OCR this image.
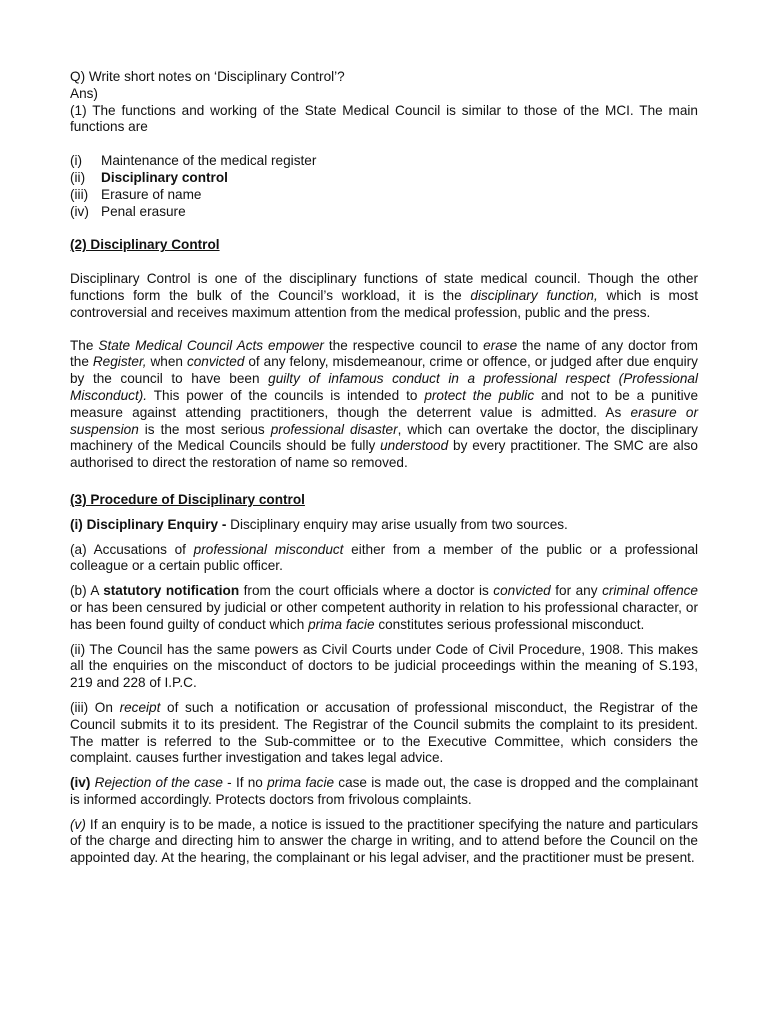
Q) Write short notes on ‘Disciplinary Control’?

Ans)

(1) The functions and working of the State Medical Council is similar to those of the MCI. The main functions are

(i)	Maintenance of the medical register
(ii)	Disciplinary control
(iii) Erasure of name
(iv) Penal erasure

(2) Disciplinary Control

Disciplinary Control is one of the disciplinary functions of state medical council. Though the other functions form the bulk of the Council’s workload, it is the disciplinary function, which is most controversial and receives maximum attention from the medical profession, public and the press.

The State Medical Council Acts empower the respective council to erase the name of any doctor from the Register, when convicted of any felony, misdemeanour, crime or offence, or judged after due enquiry by the council to have been guilty of infamous conduct in a professional respect (Professional Misconduct). This power of the councils is intended to protect the public and not to be a punitive measure against attending practitioners, though the deterrent value is admitted. As erasure or suspension is the most serious professional disaster, which can overtake the doctor, the disciplinary machinery of the Medical Councils should be fully understood by every practitioner. The SMC are also authorised to direct the restoration of name so removed.

(3) Procedure of Disciplinary control

(i) Disciplinary Enquiry - Disciplinary enquiry may arise usually from two sources.

(a) Accusations of professional misconduct either from a member of the public or a professional colleague or a certain public officer.

(b) A statutory notification from the court officials where a doctor is convicted for any criminal offence or has been censured by judicial or other competent authority in relation to his professional character, or has been found guilty of conduct which prima facie constitutes serious professional misconduct.

(ii) The Council has the same powers as Civil Courts under Code of Civil Procedure, 1908. This makes all the enquiries on the misconduct of doctors to be judicial proceedings within the meaning of S.193, 219 and 228 of I.P.C.

(iii) On receipt of such a notification or accusation of professional misconduct, the Registrar of the Council submits it to its president. The Registrar of the Council submits the complaint to its president. The matter is referred to the Sub-committee or to the Executive Committee, which considers the complaint. causes further investigation and takes legal advice.

(iv) Rejection of the case - If no prima facie case is made out, the case is dropped and the complainant is informed accordingly. Protects doctors from frivolous complaints.

(v) If an enquiry is to be made, a notice is issued to the practitioner specifying the nature and particulars of the charge and directing him to answer the charge in writing, and to attend before the Council on the appointed day. At the hearing, the complainant or his legal adviser, and the practitioner must be present.
